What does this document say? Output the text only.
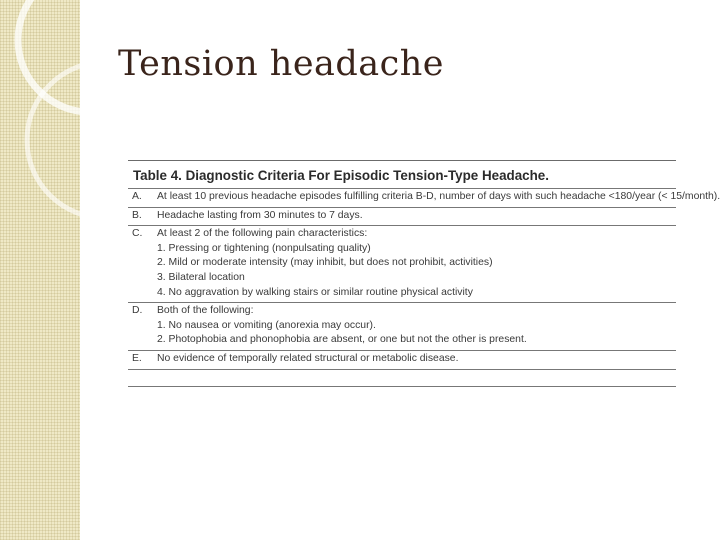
Tension headache
Table 4. Diagnostic Criteria For Episodic Tension-Type Headache.
A.	At least 10 previous headache episodes fulfilling criteria B-D, number of days with such headache <180/year (< 15/month).
B.	Headache lasting from 30 minutes to 7 days.
C.	At least 2 of the following pain characteristics:
1. Pressing or tightening (nonpulsating quality)
2. Mild or moderate intensity (may inhibit, but does not prohibit, activities)
3. Bilateral location
4. No aggravation by walking stairs or similar routine physical activity
D.	Both of the following:
1. No nausea or vomiting (anorexia may occur).
2. Photophobia and phonophobia are absent, or one but not the other is present.
E.	No evidence of temporally related structural or metabolic disease.
